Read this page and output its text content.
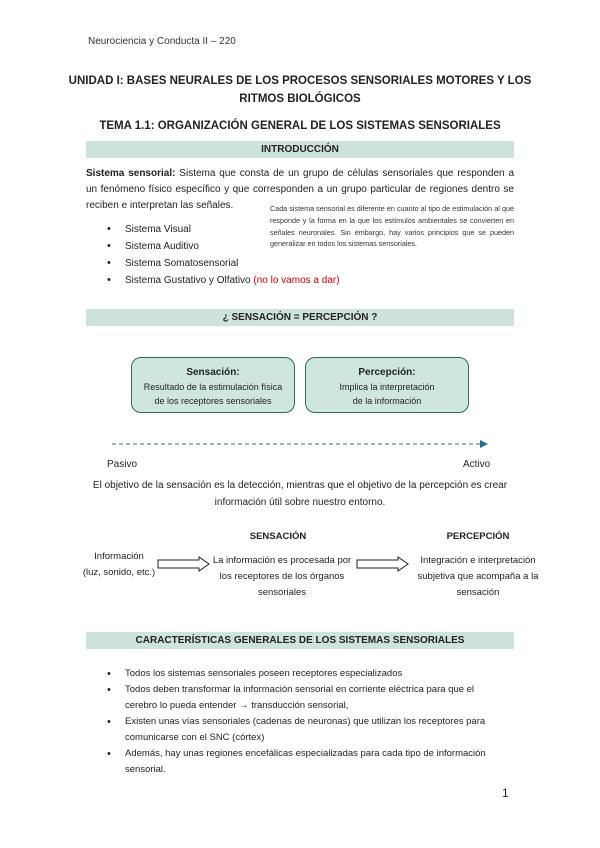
Neurociencia y Conducta II – 220
UNIDAD I: BASES NEURALES DE LOS PROCESOS SENSORIALES MOTORES Y LOS RITMOS BIOLÓGICOS
TEMA 1.1: ORGANIZACIÓN GENERAL DE LOS SISTEMAS SENSORIALES
INTRODUCCIÓN
Sistema sensorial: Sistema que consta de un grupo de células sensoriales que responden a un fenómeno físico específico y que corresponden a un grupo particular de regiones dentro se reciben e interpretan las señales.	Cada sistema sensorial es diferente en cuanto al tipo de estimulación al que responde y la forma en la que los estímulos ambientales se convierten en señales neuronales. Sin embargo, hay varios principios que se pueden generalizar en todos los sistemas sensoriales.
• Sistema Visual
• Sistema Auditivo
• Sistema Somatosensorial
• Sistema Gustativo y Olfativo (no lo vamos a dar)
¿ SENSACIÓN = PERCEPCIÓN ?
Sensación:
Resultado de la estimulación física
de los receptores sensoriales
Percepción:
Implica la interpretación
de la información
Pasivo	Activo
El objetivo de la sensación es la detección, mientras que el objetivo de la percepción es crear información útil sobre nuestro entorno.
SENSACIÓN	PERCEPCIÓN
Información
(luz, sonido, etc.)
La información es procesada por los receptores de los órganos sensoriales
Integración e interpretación subjetiva que acompaña a la sensación
CARACTERÍSTICAS GENERALES DE LOS SISTEMAS SENSORIALES
• Todos los sistemas sensoriales poseen receptores especializados
• Todos deben transformar la información sensorial en corriente eléctrica para que el cerebro lo pueda entender → transducción sensorial,
• Existen unas vías sensoriales (cadenas de neuronas) que utilizan los receptores para comunicarse con el SNC (córtex)
• Además, hay unas regiones encefálicas especializadas para cada tipo de información sensorial.
1
